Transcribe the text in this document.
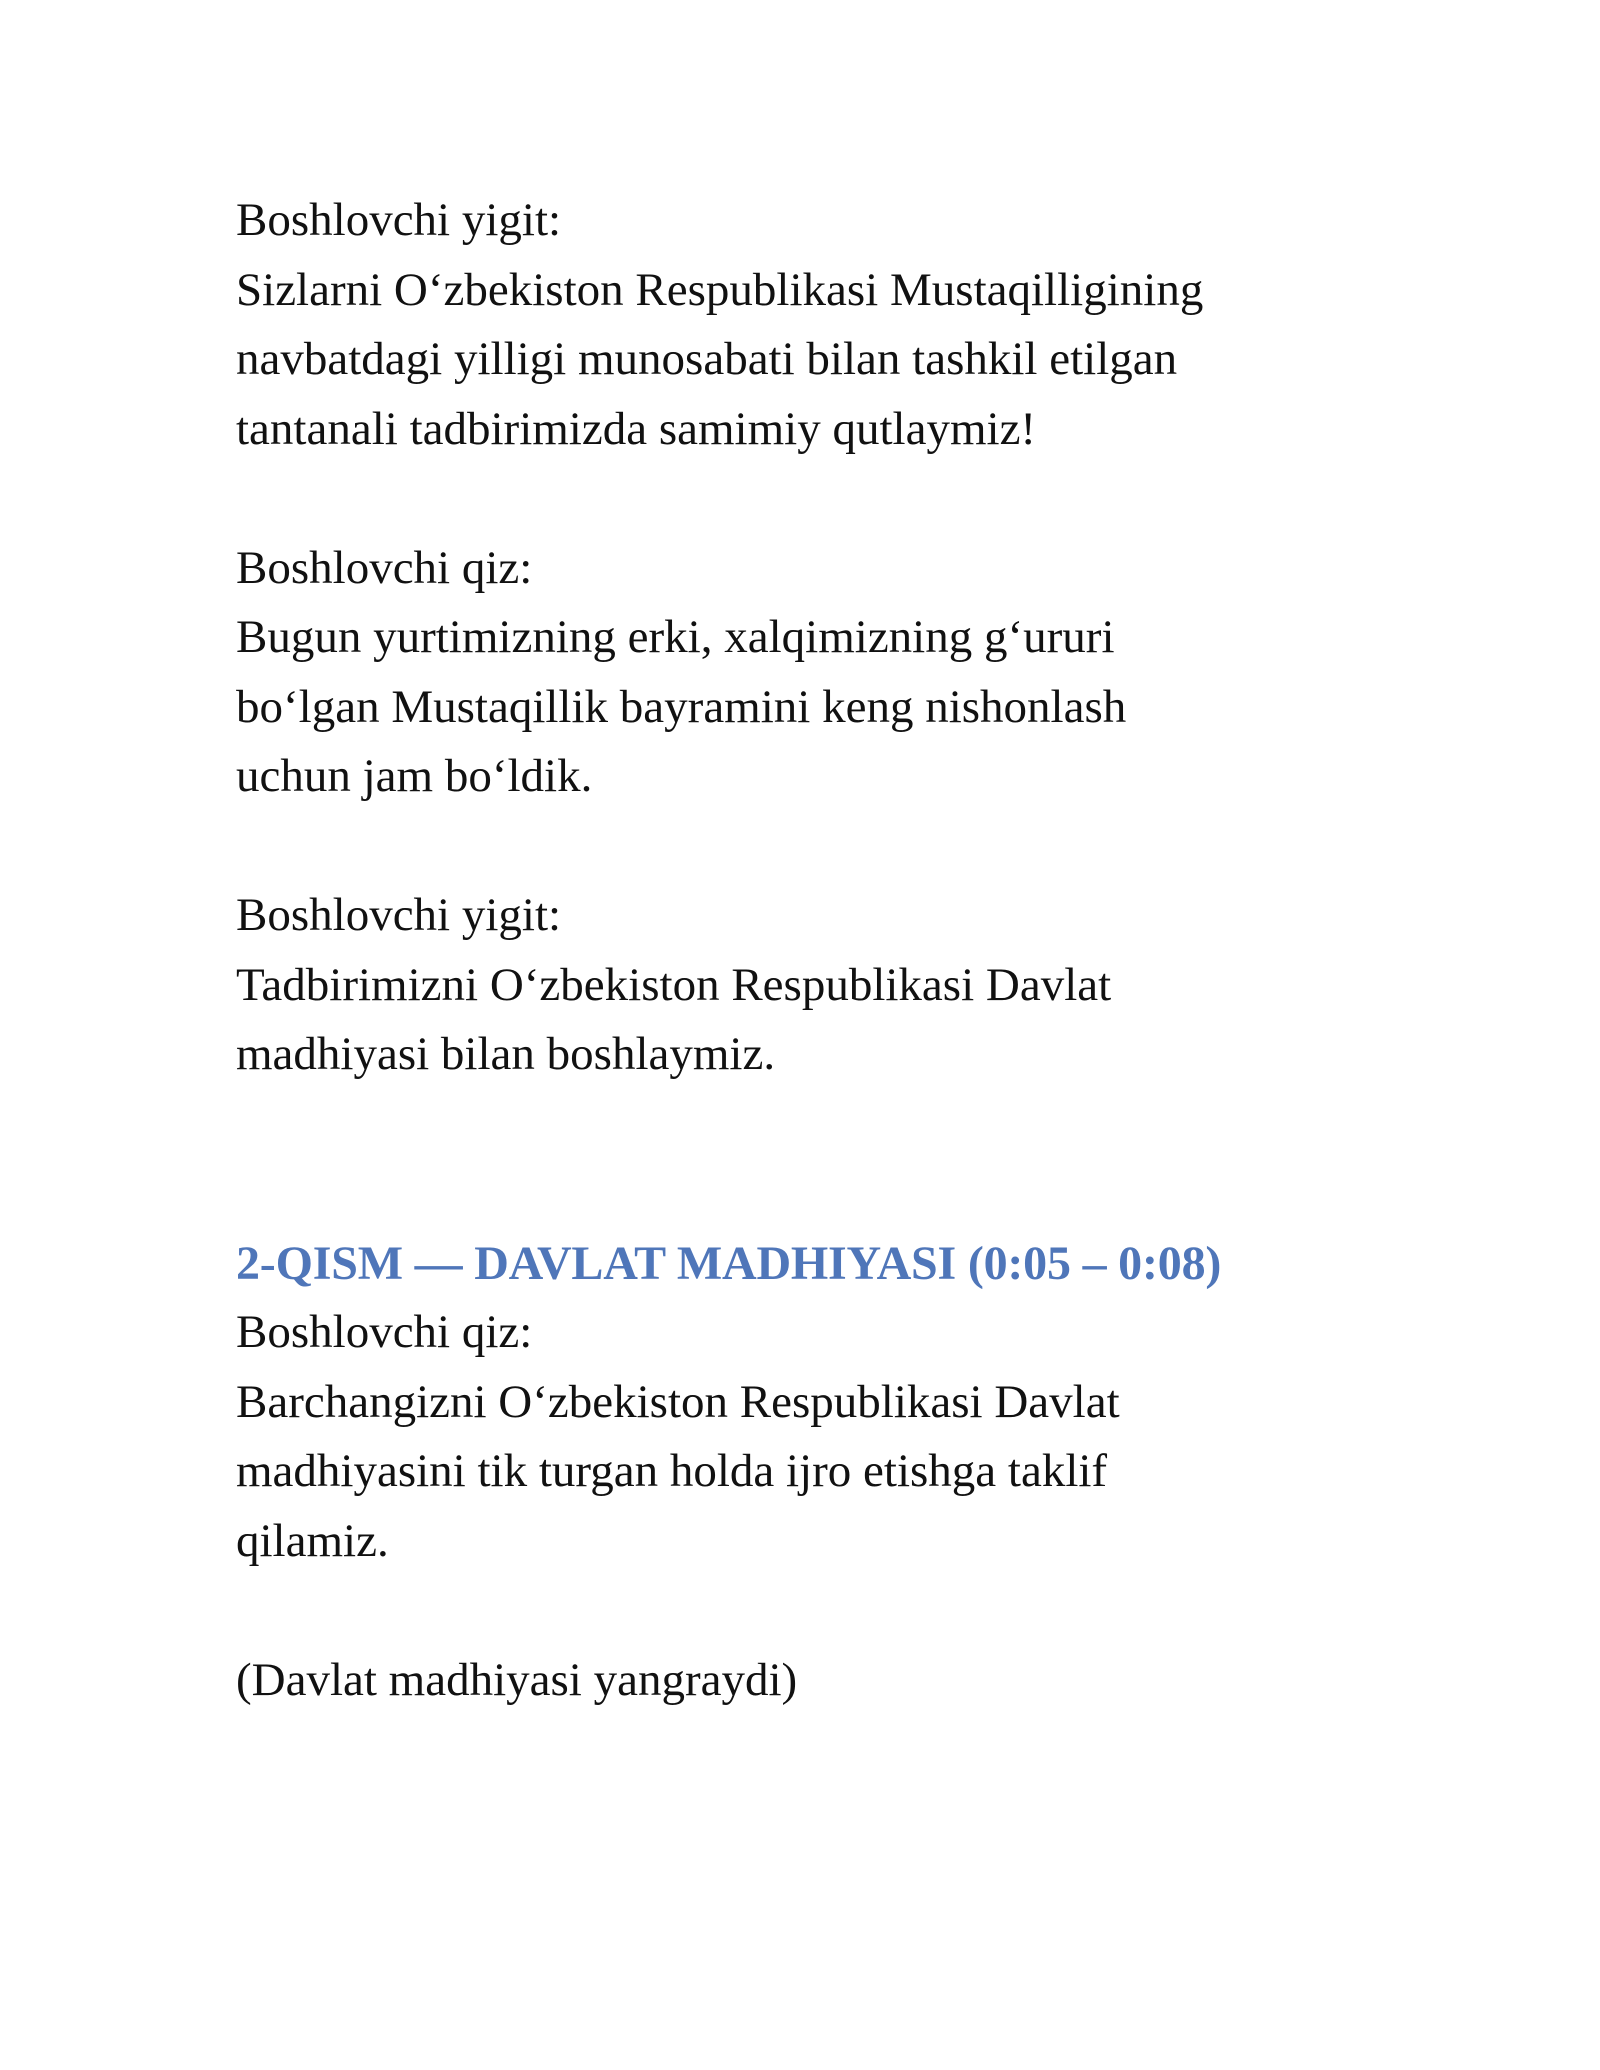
Boshlovchi yigit:
Sizlarni O‘zbekiston Respublikasi Mustaqilligining
navbatdagi yilligi munosabati bilan tashkil etilgan
tantanali tadbirimizda samimiy qutlaymiz!
Boshlovchi qiz:
Bugun yurtimizning erki, xalqimizning g‘ururi
bo‘lgan Mustaqillik bayramini keng nishonlash
uchun jam bo‘ldik.
Boshlovchi yigit:
Tadbirimizni O‘zbekiston Respublikasi Davlat
madhiyasi bilan boshlaymiz.
2-QISM — DAVLAT MADHIYASI (0:05 – 0:08)
Boshlovchi qiz:
Barchangizni O‘zbekiston Respublikasi Davlat
madhiyasini tik turgan holda ijro etishga taklif
qilamiz.
(Davlat madhiyasi yangraydi)
